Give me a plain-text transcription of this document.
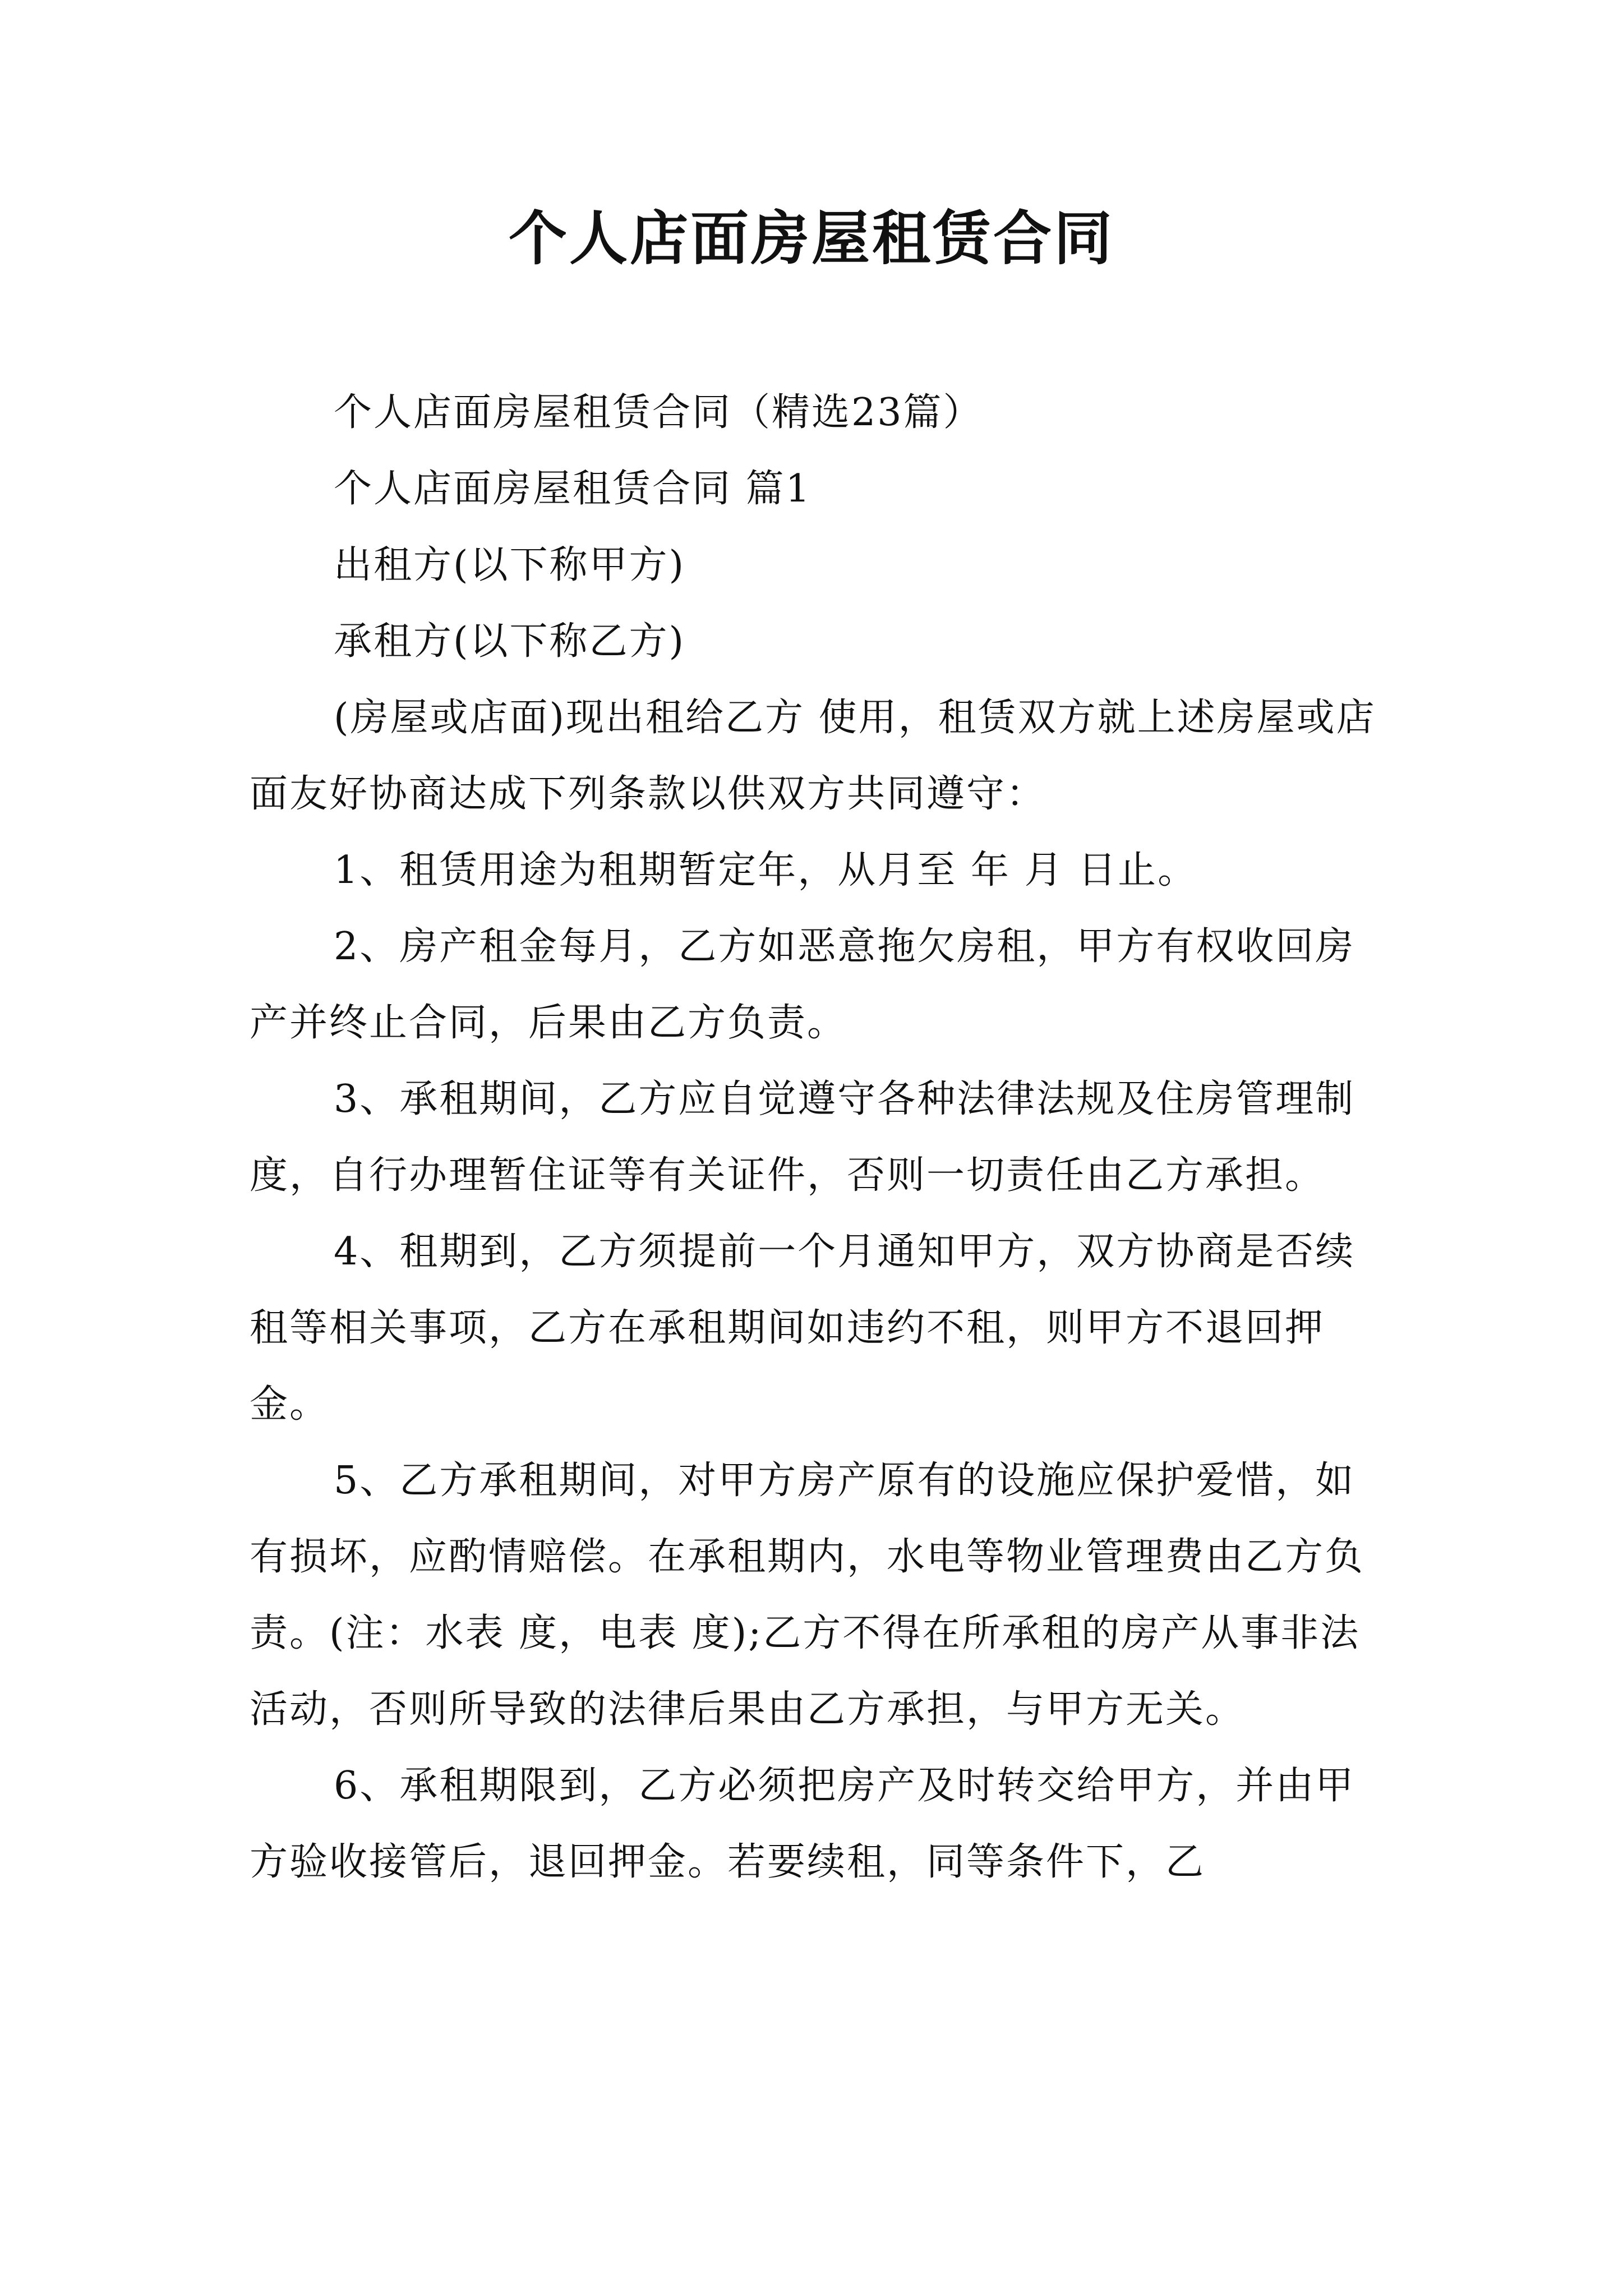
个人店面房屋租赁合同

个人店面房屋租赁合同（精选23篇）

个人店面房屋租赁合同 篇1

出租方(以下称甲方)

承租方(以下称乙方)

(房屋或店面)现出租给乙方 使用，租赁双方就上述房屋或店面友好协商达成下列条款以供双方共同遵守：

1、租赁用途为租期暂定年，从月至 年 月 日止。

2、房产租金每月，乙方如恶意拖欠房租，甲方有权收回房产并终止合同，后果由乙方负责。

3、承租期间，乙方应自觉遵守各种法律法规及住房管理制度，自行办理暂住证等有关证件，否则一切责任由乙方承担。

4、租期到，乙方须提前一个月通知甲方，双方协商是否续租等相关事项，乙方在承租期间如违约不租，则甲方不退回押金。

5、乙方承租期间，对甲方房产原有的设施应保护爱惜，如有损坏，应酌情赔偿。在承租期内，水电等物业管理费由乙方负责。(注：水表 度，电表 度);乙方不得在所承租的房产从事非法活动，否则所导致的法律后果由乙方承担，与甲方无关。

6、承租期限到，乙方必须把房产及时转交给甲方，并由甲方验收接管后，退回押金。若要续租，同等条件下，乙
